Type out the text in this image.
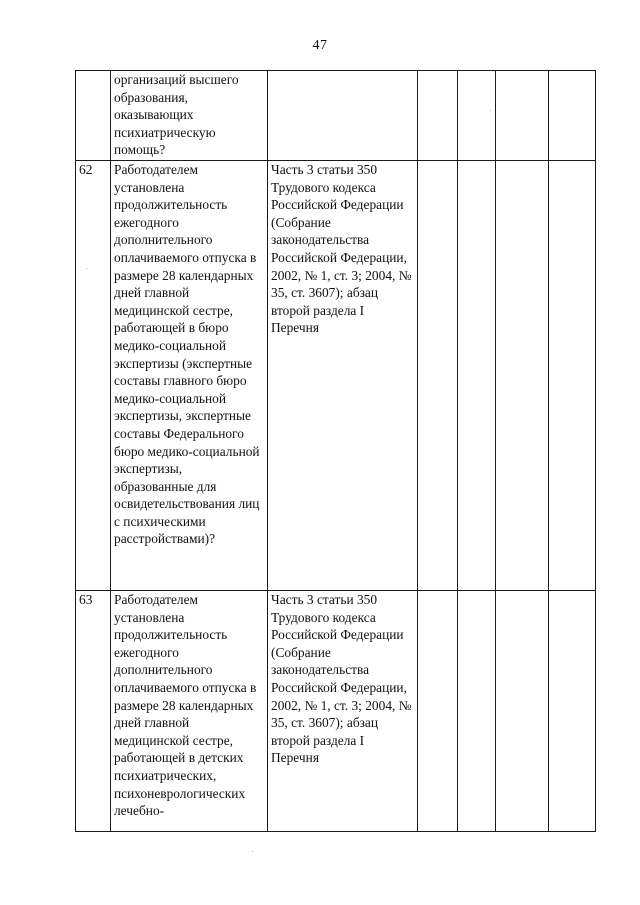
47
	организаций высшего образования, оказывающих психиатрическую помощь?					
62	Работодателем установлена продолжительность ежегодного дополнительного оплачиваемого отпуска в размере 28 календарных дней главной медицинской сестре, работающей в бюро медико-социальной экспертизы (экспертные составы главного бюро медико-социальной экспертизы, экспертные составы Федерального бюро медико-социальной экспертизы, образованные для освидетельствования лиц с психическими расстройствами)?	Часть 3 статьи 350 Трудового кодекса Российской Федерации (Собрание законодательства Российской Федерации, 2002, № 1, ст. 3; 2004, № 35, ст. 3607); абзац второй раздела I Перечня				
63	Работодателем установлена продолжительность ежегодного дополнительного оплачиваемого отпуска в размере 28 календарных дней главной медицинской сестре, работающей в детских психиатрических, психоневрологических лечебно-	Часть 3 статьи 350 Трудового кодекса Российской Федерации (Собрание законодательства Российской Федерации, 2002, № 1, ст. 3; 2004, № 35, ст. 3607); абзац второй раздела I Перечня				
